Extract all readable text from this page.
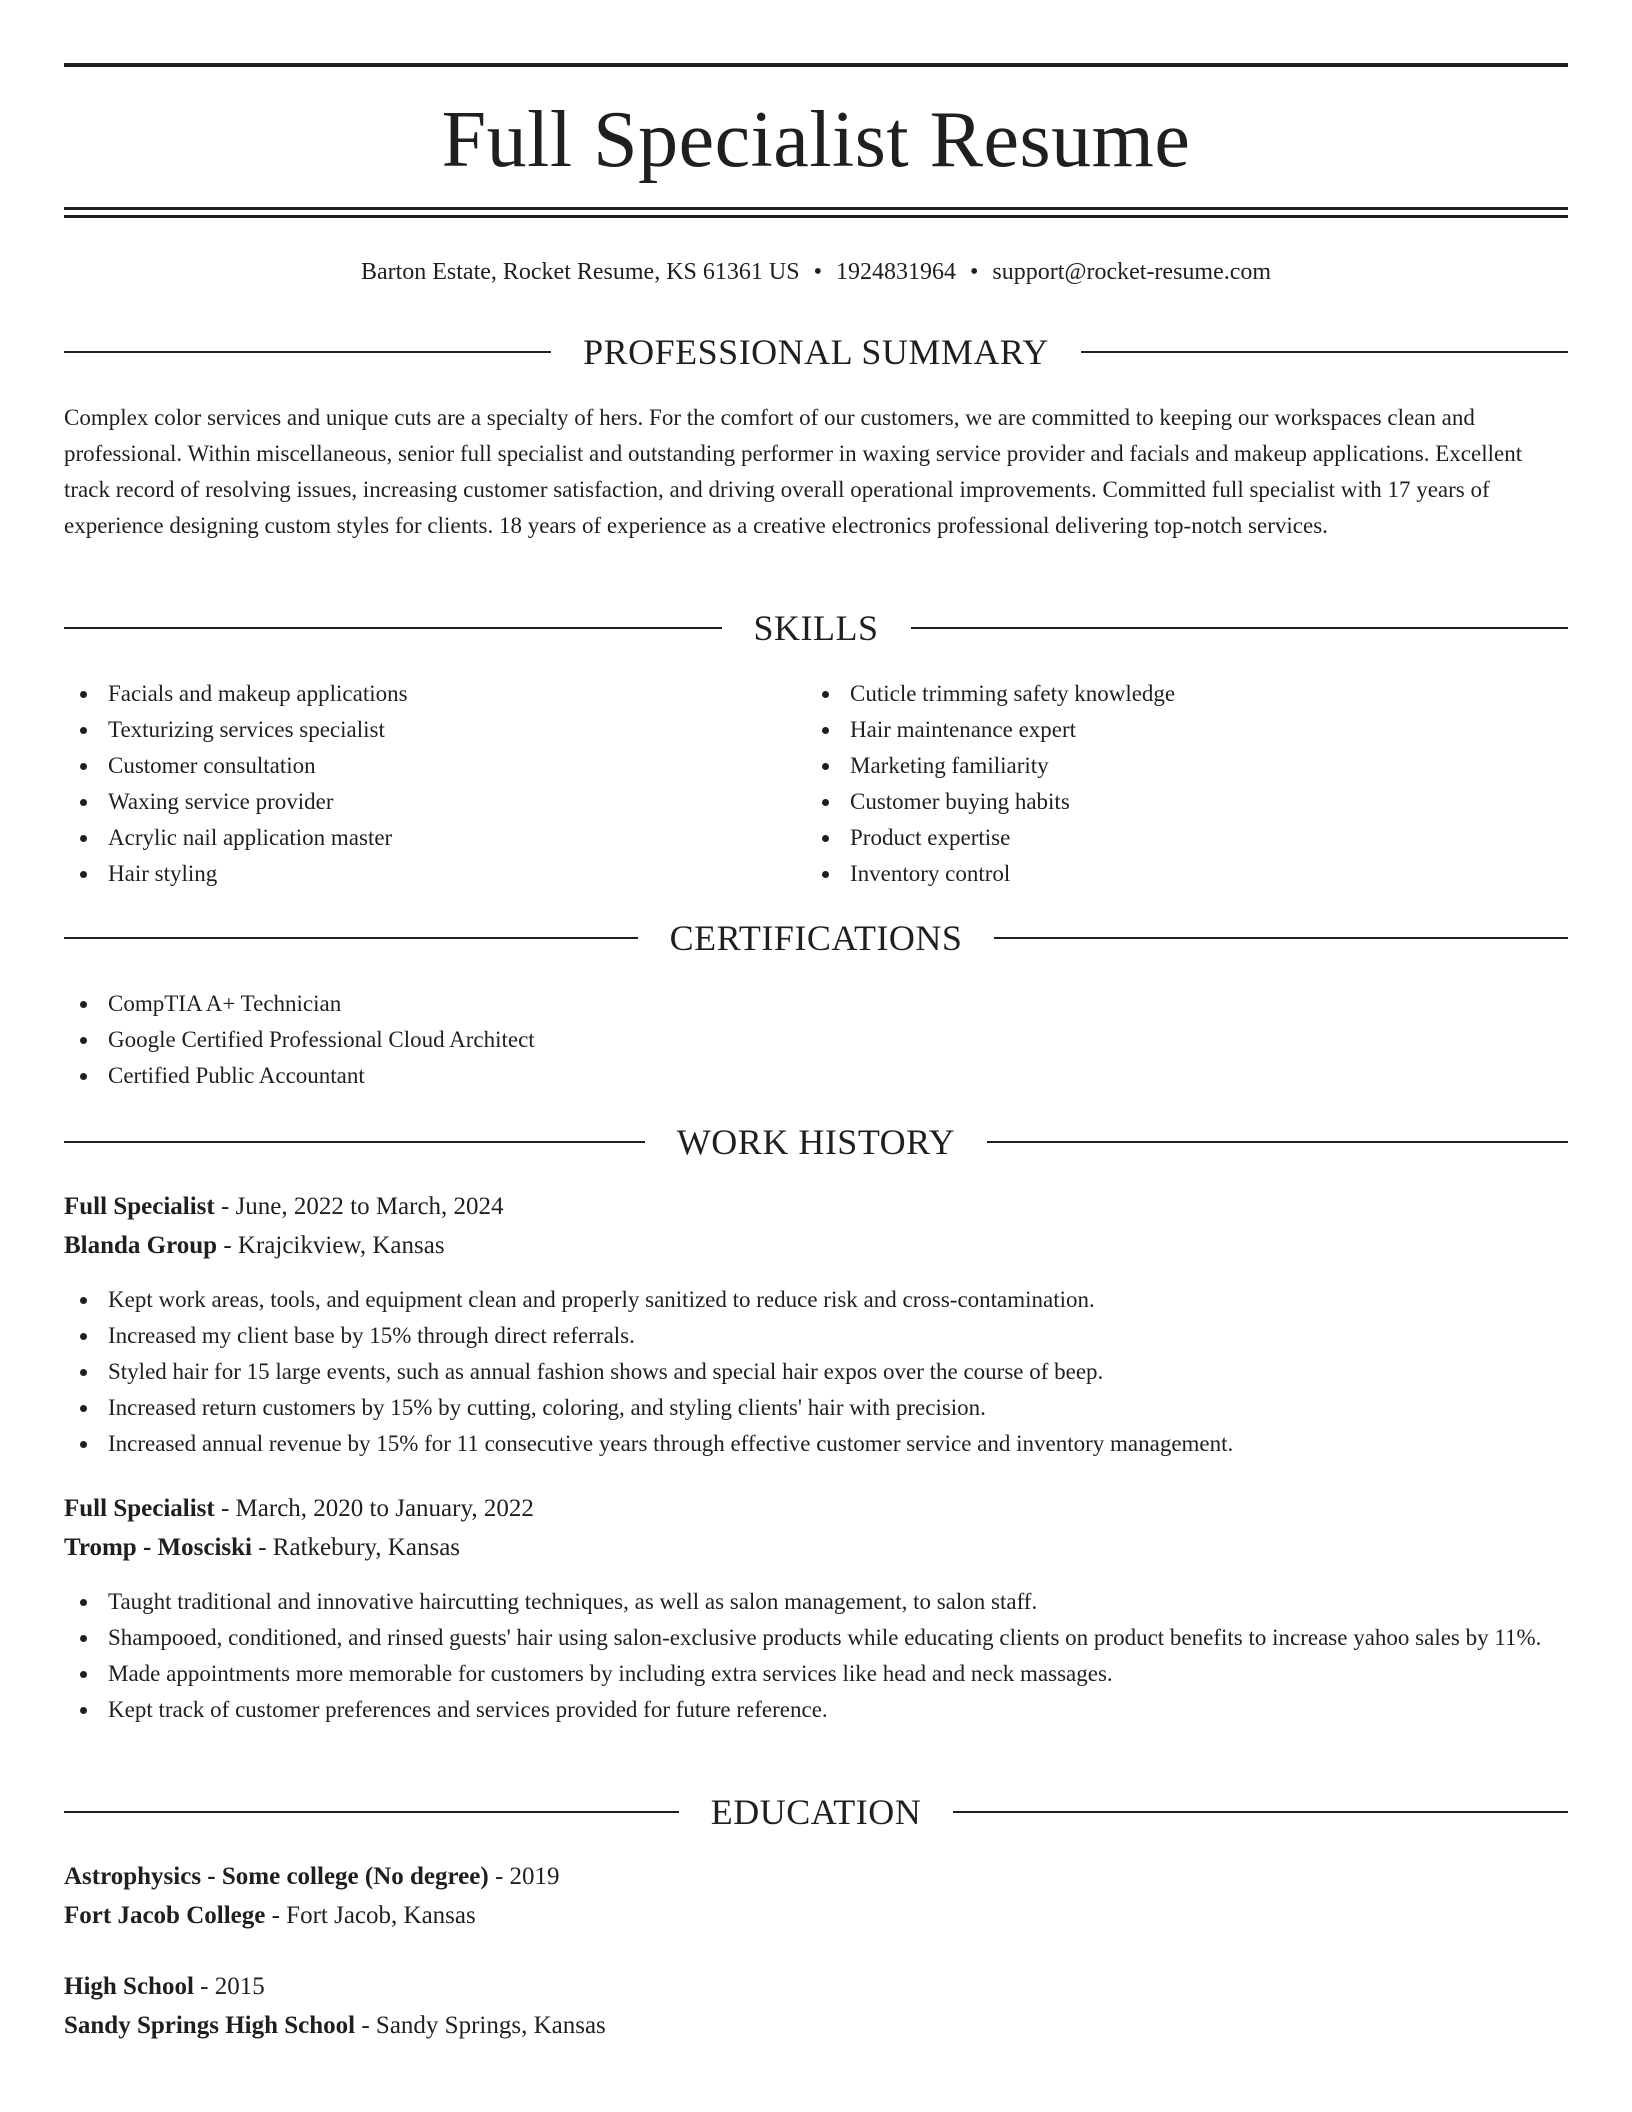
Full Specialist Resume
Barton Estate, Rocket Resume, KS 61361 US • 1924831964 • support@rocket-resume.com
PROFESSIONAL SUMMARY

Complex color services and unique cuts are a specialty of hers. For the comfort of our customers, we are committed to keeping our workspaces clean and professional. Within miscellaneous, senior full specialist and outstanding performer in waxing service provider and facials and makeup applications. Excellent track record of resolving issues, increasing customer satisfaction, and driving overall operational improvements. Committed full specialist with 17 years of experience designing custom styles for clients. 18 years of experience as a creative electronics professional delivering top-notch services.

SKILLS
Facials and makeup applications
Texturizing services specialist
Customer consultation
Waxing service provider
Acrylic nail application master
Hair styling
Cuticle trimming safety knowledge
Hair maintenance expert
Marketing familiarity
Customer buying habits
Product expertise
Inventory control
CERTIFICATIONS
CompTIA A+ Technician
Google Certified Professional Cloud Architect
Certified Public Accountant
WORK HISTORY
Full Specialist - June, 2022 to March, 2024
Blanda Group - Krajcikview, Kansas
Kept work areas, tools, and equipment clean and properly sanitized to reduce risk and cross-contamination.
Increased my client base by 15% through direct referrals.
Styled hair for 15 large events, such as annual fashion shows and special hair expos over the course of beep.
Increased return customers by 15% by cutting, coloring, and styling clients' hair with precision.
Increased annual revenue by 15% for 11 consecutive years through effective customer service and inventory management.
Full Specialist - March, 2020 to January, 2022
Tromp - Mosciski - Ratkebury, Kansas
Taught traditional and innovative haircutting techniques, as well as salon management, to salon staff.
Shampooed, conditioned, and rinsed guests' hair using salon-exclusive products while educating clients on product benefits to increase yahoo sales by 11%.
Made appointments more memorable for customers by including extra services like head and neck massages.
Kept track of customer preferences and services provided for future reference.
EDUCATION
Astrophysics - Some college (No degree) - 2019
Fort Jacob College - Fort Jacob, Kansas
High School - 2015
Sandy Springs High School - Sandy Springs, Kansas
